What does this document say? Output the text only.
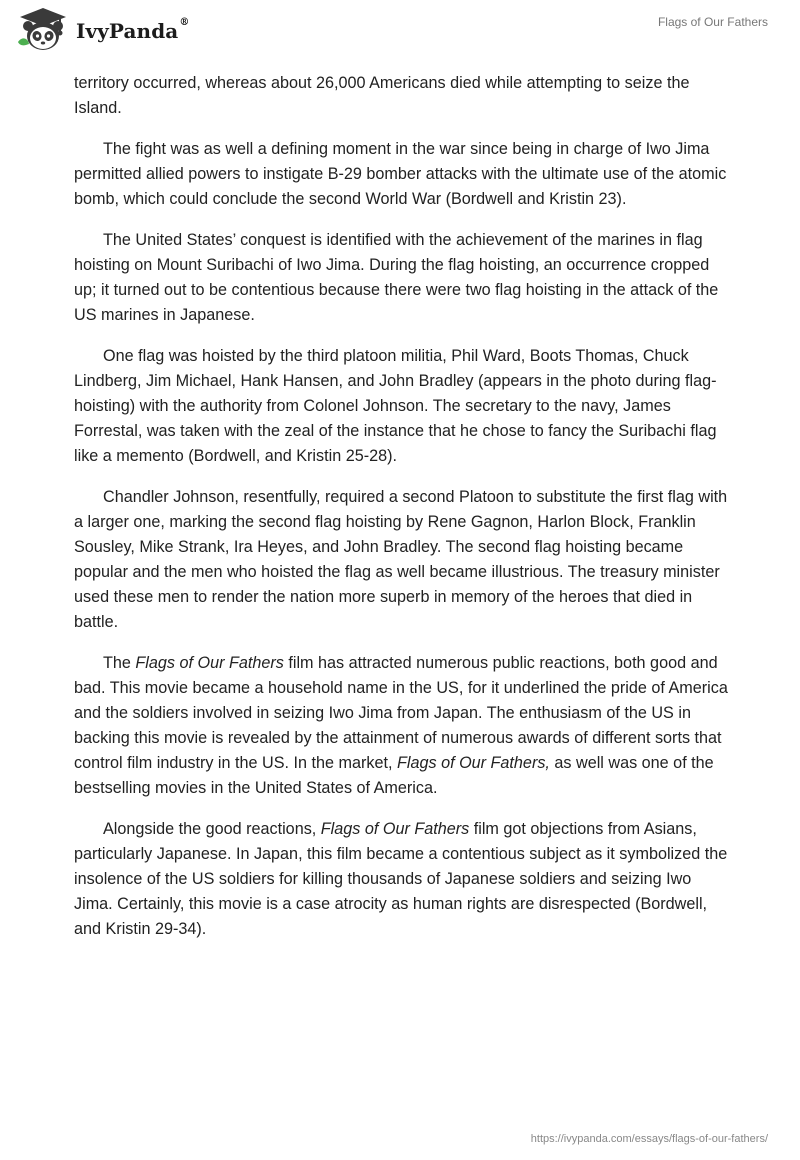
IvyPanda®	Flags of Our Fathers

territory occurred, whereas about 26,000 Americans died while attempting to seize the Island.

The fight was as well a defining moment in the war since being in charge of Iwo Jima permitted allied powers to instigate B-29 bomber attacks with the ultimate use of the atomic bomb, which could conclude the second World War (Bordwell and Kristin 23).

The United States’ conquest is identified with the achievement of the marines in flag hoisting on Mount Suribachi of Iwo Jima. During the flag hoisting, an occurrence cropped up; it turned out to be contentious because there were two flag hoisting in the attack of the US marines in Japanese.

One flag was hoisted by the third platoon militia, Phil Ward, Boots Thomas, Chuck Lindberg, Jim Michael, Hank Hansen, and John Bradley (appears in the photo during flag-hoisting) with the authority from Colonel Johnson. The secretary to the navy, James Forrestal, was taken with the zeal of the instance that he chose to fancy the Suribachi flag like a memento (Bordwell, and Kristin 25-28).

Chandler Johnson, resentfully, required a second Platoon to substitute the first flag with a larger one, marking the second flag hoisting by Rene Gagnon, Harlon Block, Franklin Sousley, Mike Strank, Ira Heyes, and John Bradley. The second flag hoisting became popular and the men who hoisted the flag as well became illustrious. The treasury minister used these men to render the nation more superb in memory of the heroes that died in battle.

The Flags of Our Fathers film has attracted numerous public reactions, both good and bad. This movie became a household name in the US, for it underlined the pride of America and the soldiers involved in seizing Iwo Jima from Japan. The enthusiasm of the US in backing this movie is revealed by the attainment of numerous awards of different sorts that control film industry in the US. In the market, Flags of Our Fathers, as well was one of the bestselling movies in the United States of America.

Alongside the good reactions, Flags of Our Fathers film got objections from Asians, particularly Japanese. In Japan, this film became a contentious subject as it symbolized the insolence of the US soldiers for killing thousands of Japanese soldiers and seizing Iwo Jima. Certainly, this movie is a case atrocity as human rights are disrespected (Bordwell, and Kristin 29-34).

https://ivypanda.com/essays/flags-of-our-fathers/
